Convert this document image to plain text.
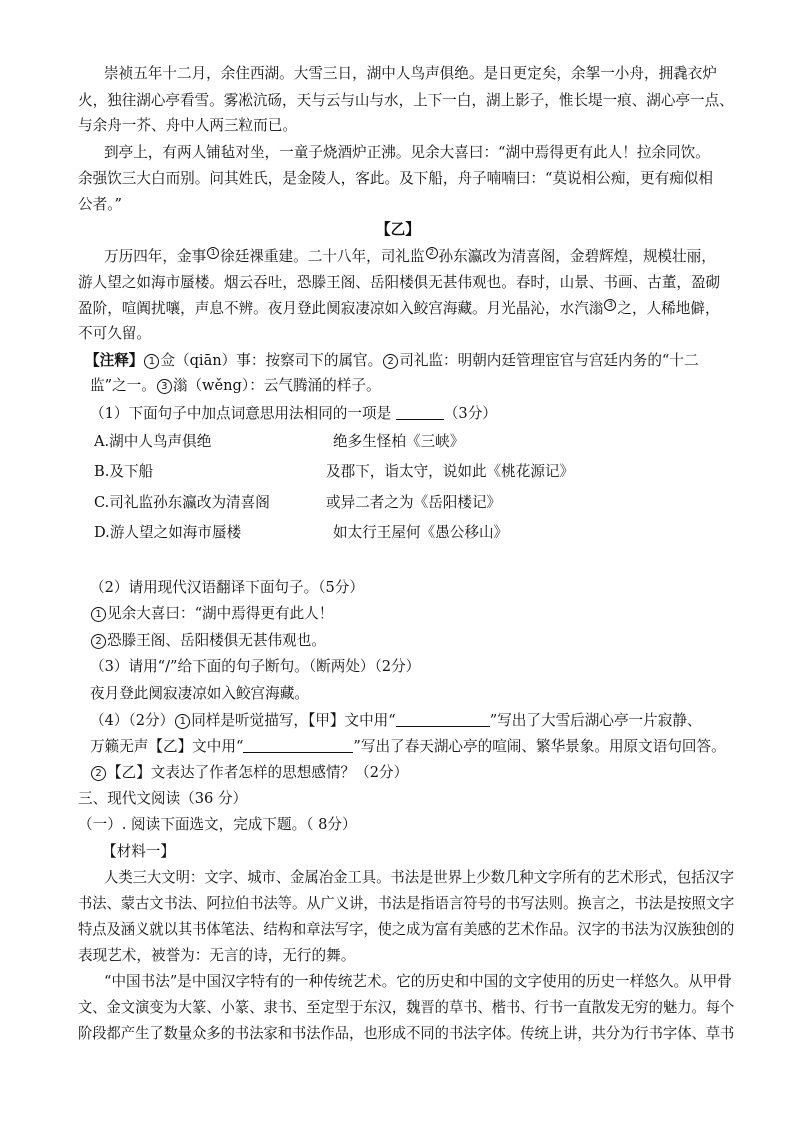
崇祯五年十二月，余住西湖。大雪三日，湖中人鸟声俱绝。是日更定矣，余挐一小舟，拥毳衣炉
火，独往湖心亭看雪。雾凇沆砀，天与云与山与水，上下一白，湖上影子，惟长堤一痕、湖心亭一点、
与余舟一芥、舟中人两三粒而已。
到亭上，有两人铺毡对坐，一童子烧酒炉正沸。见余大喜曰：“湖中焉得更有此人！拉余同饮。
余强饮三大白而别。问其姓氏，是金陵人，客此。及下船，舟子喃喃曰：“莫说相公痴，更有痴似相
公者。”
【乙】
万历四年，金事 1 徐廷祼重建。二十八年，司礼监 2 孙东瀛改为清喜阁，金碧辉煌，规模壮丽，
游人望之如海市蜃楼。烟云吞吐，恐滕王阁、岳阳楼俱无甚伟观也。春时，山景、书画、古董，盈砌
盈阶，喧阗扰嚷，声息不辨。夜月登此阒寂凄凉如入鲛宫海藏。月光晶沁，水汽滃 3 之，人稀地僻，
不可久留。
【注释】 1 佥（qiān）事：按察司下的属官。 2 司礼监：明朝内廷管理宦官与宫廷内务的“十二
监”之一。 3 滃（wěng）：云气腾涌的样子。
（1）下面句子中加点词意思用法相同的一项是	（3分）
A.湖中人鸟声俱绝	绝多生怪柏《三峡》
B.及下船	及郡下，诣太守，说如此《桃花源记》
C.司礼监孙东瀛改为清喜阁	或异二者之为《岳阳楼记》
D.游人望之如海市蜃楼	如太行王屋何《愚公移山》
（2）请用现代汉语翻译下面句子。（5分）
1 见余大喜曰：“湖中焉得更有此人！
2 恐滕王阁、岳阳楼俱无甚伟观也。
（3）请用“/”给下面的句子断句。（断两处）（2分）
夜月登此阒寂凄凉如入鲛宫海藏。
（4）（2分） 1 同样是听觉描写，【甲】文中用“	”写出了大雪后湖心亭一片寂静、
万籁无声【乙】文中用“	”写出了春天湖心亭的喧闹、繁华景象。用原文语句回答。
2 【乙】文表达了作者怎样的思想感情？（2分）
三、现代文阅读（36 分）
（一）. 阅读下面选文，完成下题。（ 8分）
【材料一】
人类三大文明：文字、城市、金属冶金工具。书法是世界上少数几种文字所有的艺术形式，包括汉字
书法、蒙古文书法、阿拉伯书法等。从广义讲，书法是指语言符号的书写法则。换言之，书法是按照文字
特点及涵义就以其书体笔法、结构和章法写字，使之成为富有美感的艺术作品。汉字的书法为汉族独创的
表现艺术，被誉为：无言的诗，无行的舞。
“中国书法”是中国汉字特有的一种传统艺术。它的历史和中国的文字使用的历史一样悠久。从甲骨
文、金文演变为大篆、小篆、隶书、至定型于东汉，魏晋的草书、楷书、行书一直散发无穷的魅力。每个
阶段都产生了数量众多的书法家和书法作品，也形成不同的书法字体。传统上讲，共分为行书字体、草书
